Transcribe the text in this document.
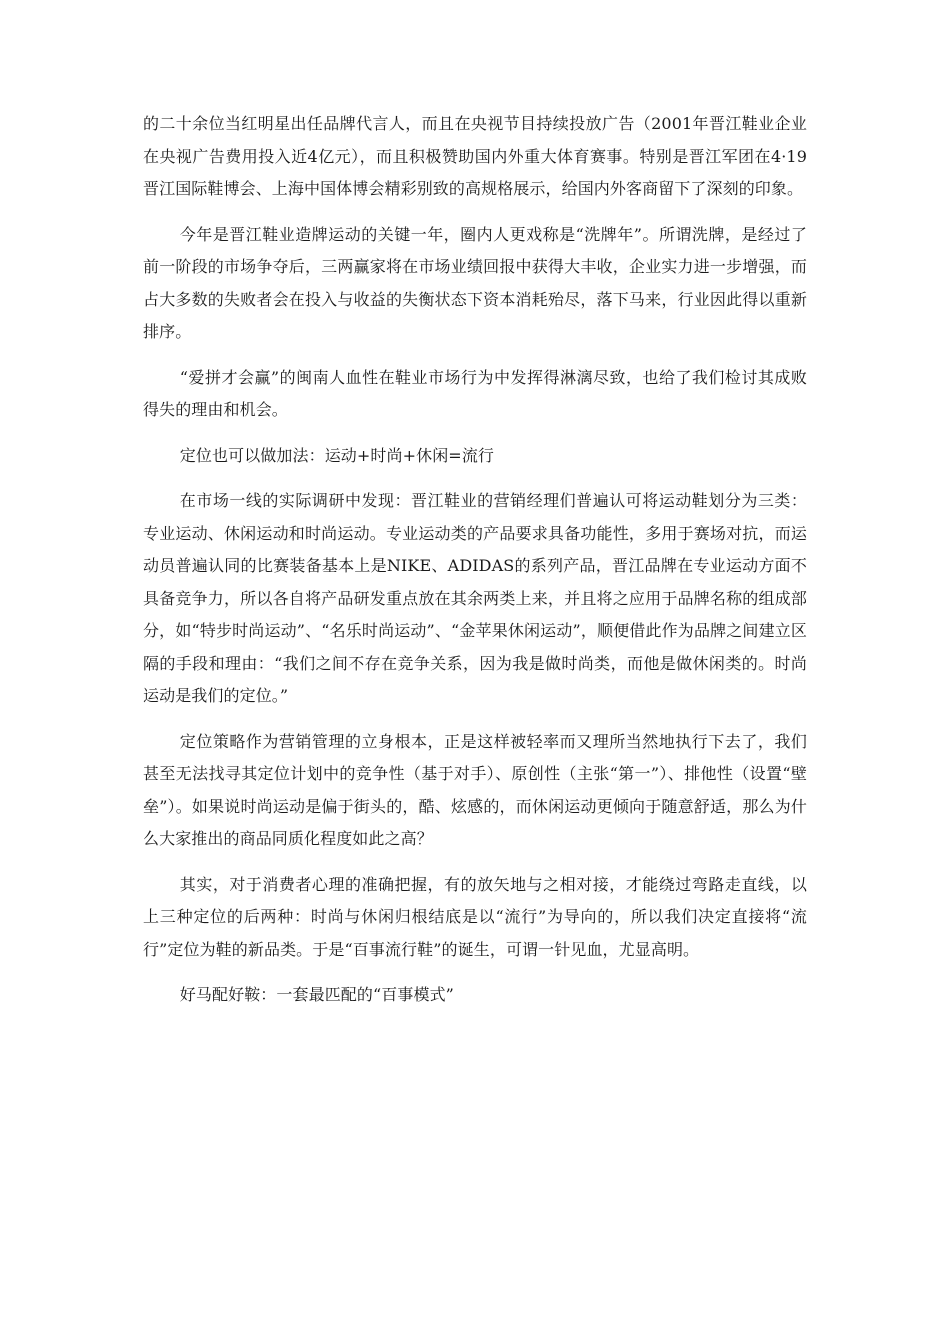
的二十余位当红明星出任品牌代言人，而且在央视节目持续投放广告（2001年晋江鞋业企业在央视广告费用投入近4亿元），而且积极赞助国内外重大体育赛事。特别是晋江军团在4·19晋江国际鞋博会、上海中国体博会精彩别致的高规格展示，给国内外客商留下了深刻的印象。

今年是晋江鞋业造牌运动的关键一年，圈内人更戏称是“洗牌年”。所谓洗牌，是经过了前一阶段的市场争夺后，三两赢家将在市场业绩回报中获得大丰收，企业实力进一步增强，而占大多数的失败者会在投入与收益的失衡状态下资本消耗殆尽，落下马来，行业因此得以重新排序。

“爱拼才会赢”的闽南人血性在鞋业市场行为中发挥得淋漓尽致，也给了我们检讨其成败得失的理由和机会。

定位也可以做加法：运动+时尚+休闲=流行

在市场一线的实际调研中发现：晋江鞋业的营销经理们普遍认可将运动鞋划分为三类：专业运动、休闲运动和时尚运动。专业运动类的产品要求具备功能性，多用于赛场对抗，而运动员普遍认同的比赛装备基本上是NIKE、ADIDAS的系列产品，晋江品牌在专业运动方面不具备竞争力，所以各自将产品研发重点放在其余两类上来，并且将之应用于品牌名称的组成部分，如“特步时尚运动”、“名乐时尚运动”、“金苹果休闲运动”，顺便借此作为品牌之间建立区隔的手段和理由：“我们之间不存在竞争关系，因为我是做时尚类，而他是做休闲类的。时尚运动是我们的定位。”

定位策略作为营销管理的立身根本，正是这样被轻率而又理所当然地执行下去了，我们甚至无法找寻其定位计划中的竞争性（基于对手）、原创性（主张“第一”）、排他性（设置“壁垒”）。如果说时尚运动是偏于街头的，酷、炫感的，而休闲运动更倾向于随意舒适，那么为什么大家推出的商品同质化程度如此之高？

其实，对于消费者心理的准确把握，有的放矢地与之相对接，才能绕过弯路走直线，以上三种定位的后两种：时尚与休闲归根结底是以“流行”为导向的，所以我们决定直接将“流行”定位为鞋的新品类。于是“百事流行鞋”的诞生，可谓一针见血，尤显高明。

好马配好鞍：一套最匹配的“百事模式”
